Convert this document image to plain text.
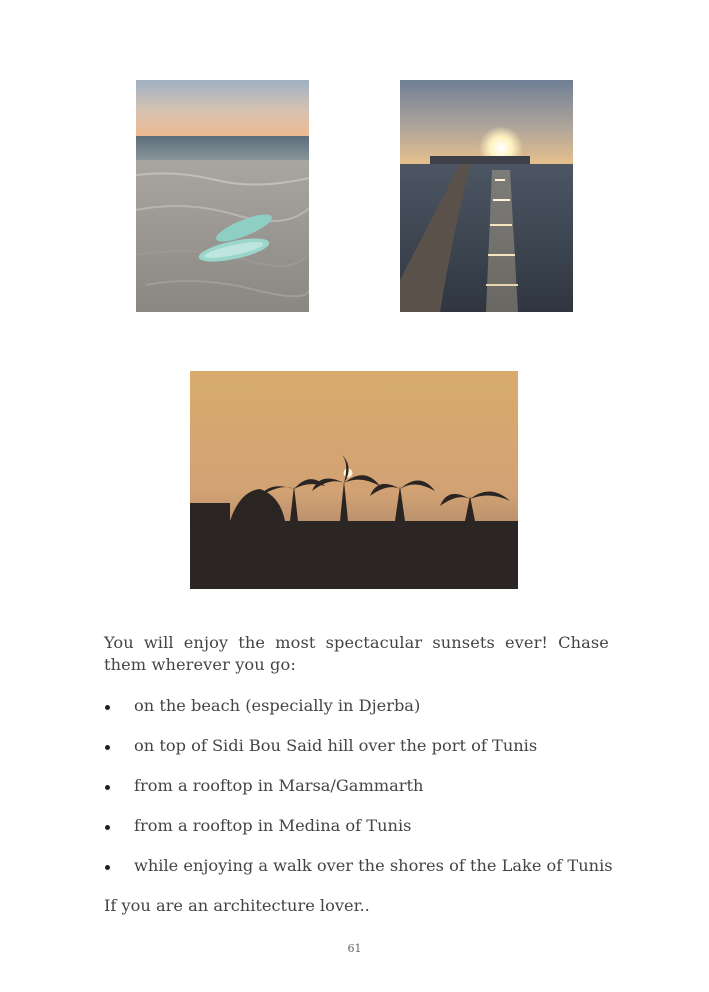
You will enjoy the most spectacular sunsets ever! Chase them wherever you go:

on the beach (especially in Djerba)
on top of Sidi Bou Said hill over the port of Tunis
from a rooftop in Marsa/Gammarth
from a rooftop in Medina of Tunis
while enjoying a walk over the shores of the Lake of Tunis

If you are an architecture lover..

61
